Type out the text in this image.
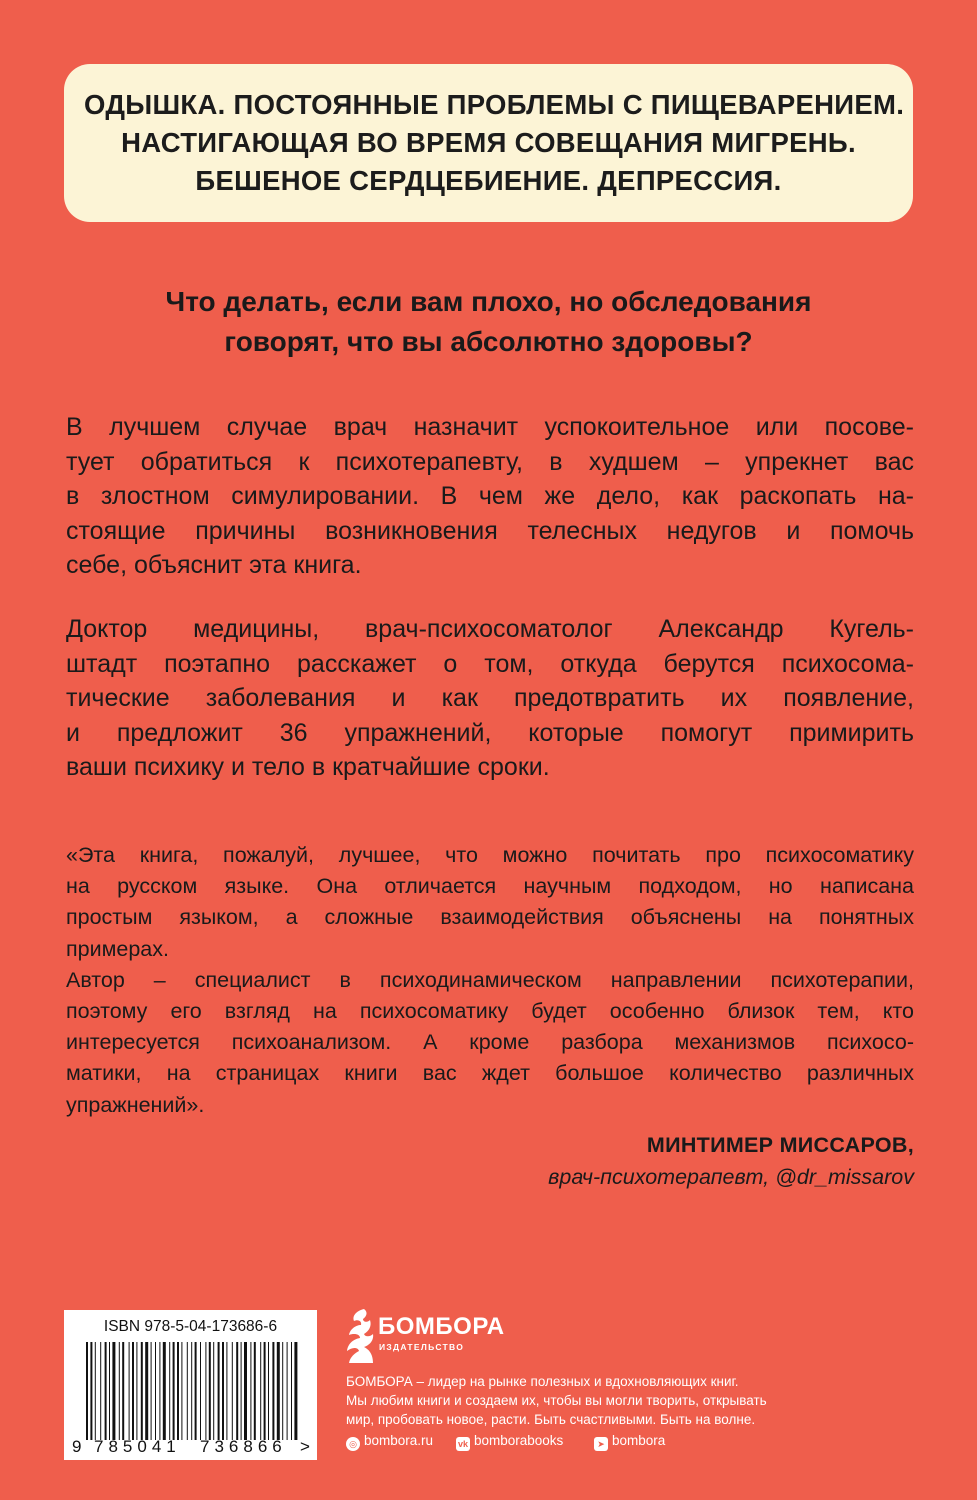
ОДЫШКА. ПОСТОЯННЫЕ ПРОБЛЕМЫ С ПИЩЕВАРЕНИЕМ.

НАСТИГАЮЩАЯ ВО ВРЕМЯ СОВЕЩАНИЯ МИГРЕНЬ.

БЕШЕНОЕ СЕРДЦЕБИЕНИЕ. ДЕПРЕССИЯ.

Что делать, если вам плохо, но обследования

говорят, что вы абсолютно здоровы?

В лучшем случае врач назначит успокоительное или посове-
тует обратиться к психотерапевту, в худшем – упрекнет вас
в злостном симулировании. В чем же дело, как раскопать на-
стоящие причины возникновения телесных недугов и помочь
себе, объяснит эта книга.
Доктор медицины, врач-психосоматолог Александр Кугель-
штадт поэтапно расскажет о том, откуда берутся психосома-
тические заболевания и как предотвратить их появление,
и предложит 36 упражнений, которые помогут примирить
ваши психику и тело в кратчайшие сроки.
«Эта книга, пожалуй, лучшее, что можно почитать про психосоматику
на русском языке. Она отличается научным подходом, но написана
простым языком, а сложные взаимодействия объяснены на понятных
примерах.
Автор – специалист в психодинамическом направлении психотерапии,
поэтому его взгляд на психосоматику будет особенно близок тем, кто
интересуется психоанализом. А кроме разбора механизмов психосо-
матики, на страницах книги вас ждет большое количество различных
упражнений».
МИНТИМЕР МИССАРОВ,
врач-психотерапевт, @dr_missarov
ISBN 978-5-04-173686-6
9 785041 736866 >
БОМБОРА
ИЗДАТЕЛЬСТВО
БОМБОРА – лидер на рынке полезных и вдохновляющих книг.
Мы любим книги и создаем их, чтобы вы могли творить, открывать
мир, пробовать новое, расти. Быть счастливыми. Быть на волне.
◎ bombora.ru	vk bomborabooks	➤ bombora
